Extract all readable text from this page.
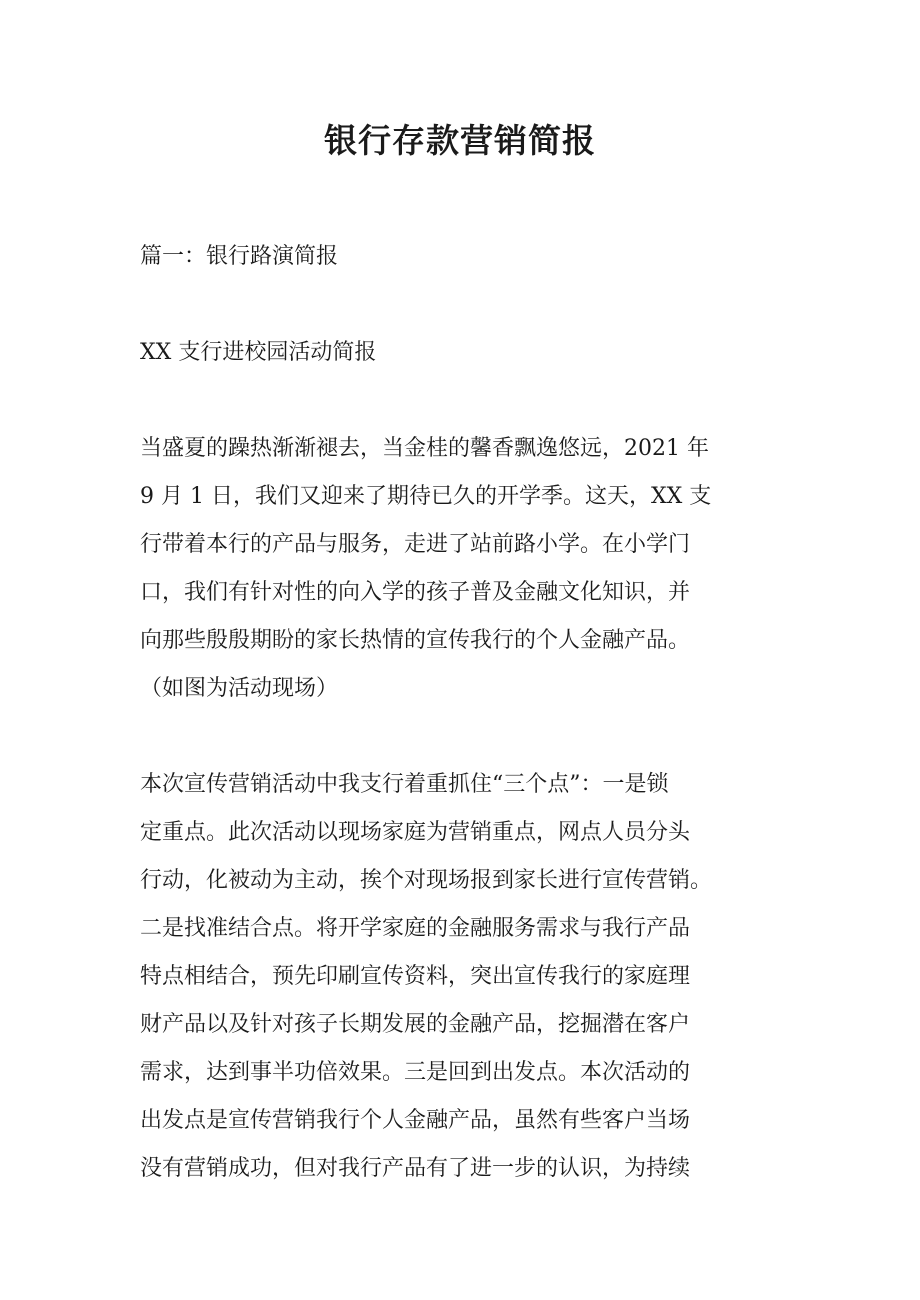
银行存款营销简报

篇一：银行路演简报

XX 支行进校园活动简报

当盛夏的躁热渐渐褪去，当金桂的馨香飘逸悠远，2021 年

9 月 1 日，我们又迎来了期待已久的开学季。这天，XX 支

行带着本行的产品与服务，走进了站前路小学。在小学门

口，我们有针对性的向入学的孩子普及金融文化知识，并

向那些殷殷期盼的家长热情的宣传我行的个人金融产品。

（如图为活动现场）

本次宣传营销活动中我支行着重抓住“三个点”：一是锁

定重点。此次活动以现场家庭为营销重点，网点人员分头

行动，化被动为主动，挨个对现场报到家长进行宣传营销。

二是找准结合点。将开学家庭的金融服务需求与我行产品

特点相结合，预先印刷宣传资料，突出宣传我行的家庭理

财产品以及针对孩子长期发展的金融产品，挖掘潜在客户

需求，达到事半功倍效果。三是回到出发点。本次活动的

出发点是宣传营销我行个人金融产品，虽然有些客户当场

没有营销成功，但对我行产品有了进一步的认识，为持续
